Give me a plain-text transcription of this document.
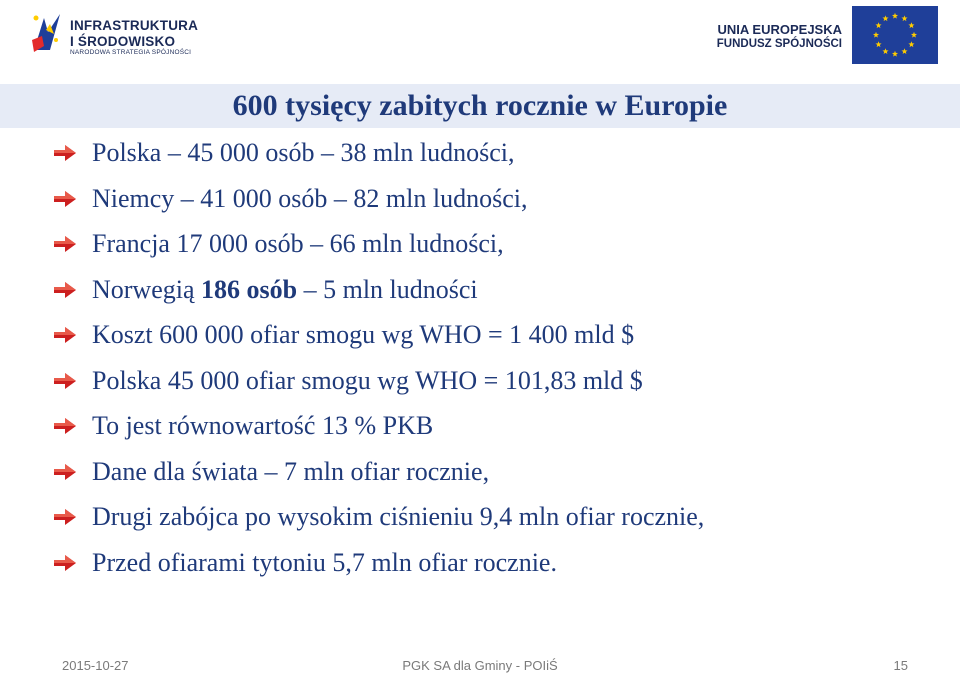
INFRASTRUKTURA
I ŚRODOWISKO
NARODOWA STRATEGIA SPÓJNOŚCI
UNIA EUROPEJSKA
FUNDUSZ SPÓJNOŚCI
600 tysięcy zabitych rocznie w Europie
Polska – 45 000 osób – 38 mln ludności,
Niemcy – 41 000 osób – 82 mln ludności,
Francja 17 000 osób – 66 mln ludności,
Norwegią 186 osób – 5 mln ludności
Koszt 600 000 ofiar smogu wg WHO = 1 400 mld $
Polska 45 000 ofiar smogu wg WHO = 101,83 mld $
To jest równowartość 13 % PKB
Dane dla świata – 7 mln ofiar rocznie,
Drugi zabójca po wysokim ciśnieniu 9,4 mln ofiar rocznie,
Przed ofiarami tytoniu 5,7 mln ofiar rocznie.
2015-10-27	PGK SA dla Gminy - POIiŚ	15
